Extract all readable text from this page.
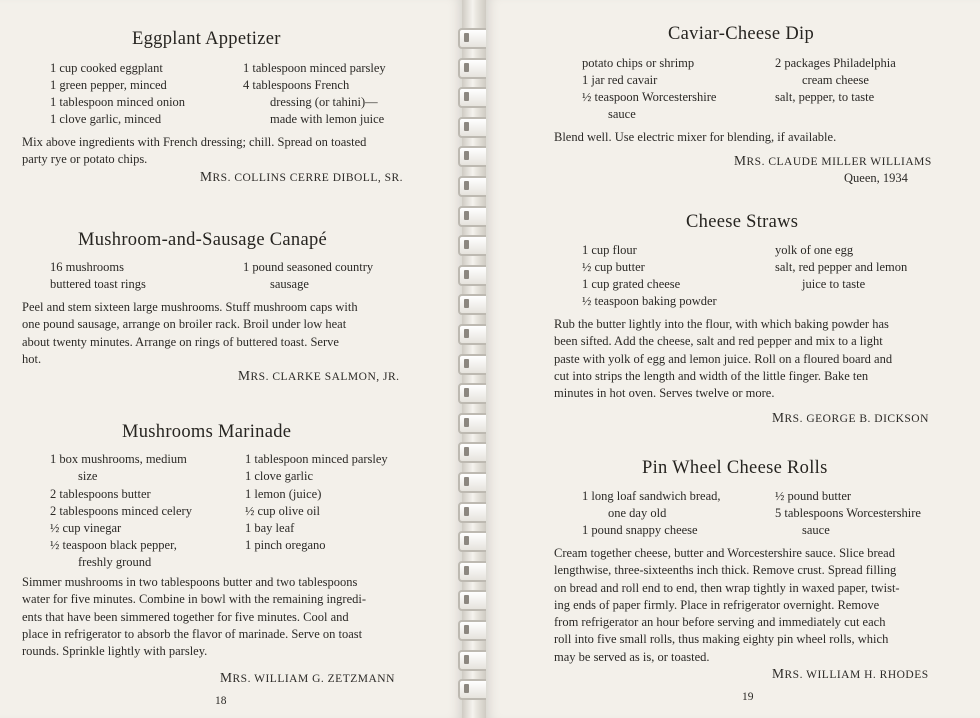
Eggplant Appetizer
1 cup cooked eggplant
1 green pepper, minced
1 tablespoon minced onion
1 clove garlic, minced
1 tablespoon minced parsley
4 tablespoons French
dressing (or tahini)—
made with lemon juice
Mix above ingredients with French dressing; chill. Spread on toasted
party rye or potato chips.
MRS. COLLINS CERRE DIBOLL, SR.
Mushroom-and-Sausage Canapé
16 mushrooms
buttered toast rings
1 pound seasoned country
sausage
Peel and stem sixteen large mushrooms. Stuff mushroom caps with
one pound sausage, arrange on broiler rack. Broil under low heat
about twenty minutes. Arrange on rings of buttered toast. Serve
hot.
MRS. CLARKE SALMON, JR.
Mushrooms Marinade
1 box mushrooms, medium
size
2 tablespoons butter
2 tablespoons minced celery
½ cup vinegar
½ teaspoon black pepper,
freshly ground
1 tablespoon minced parsley
1 clove garlic
1 lemon (juice)
½ cup olive oil
1 bay leaf
1 pinch oregano
Simmer mushrooms in two tablespoons butter and two tablespoons
water for five minutes. Combine in bowl with the remaining ingredi-
ents that have been simmered together for five minutes. Cool and
place in refrigerator to absorb the flavor of marinade. Serve on toast
rounds. Sprinkle lightly with parsley.
MRS. WILLIAM G. ZETZMANN
18
Caviar-Cheese Dip
potato chips or shrimp
1 jar red cavair
½ teaspoon Worcestershire
sauce
2 packages Philadelphia
cream cheese
salt, pepper, to taste
Blend well. Use electric mixer for blending, if available.
MRS. CLAUDE MILLER WILLIAMS
Queen, 1934
Cheese Straws
1 cup flour
½ cup butter
1 cup grated cheese
½ teaspoon baking powder
yolk of one egg
salt, red pepper and lemon
juice to taste
Rub the butter lightly into the flour, with which baking powder has
been sifted. Add the cheese, salt and red pepper and mix to a light
paste with yolk of egg and lemon juice. Roll on a floured board and
cut into strips the length and width of the little finger. Bake ten
minutes in hot oven. Serves twelve or more.
MRS. GEORGE B. DICKSON
Pin Wheel Cheese Rolls
1 long loaf sandwich bread,
one day old
1 pound snappy cheese
½ pound butter
5 tablespoons Worcestershire
sauce
Cream together cheese, butter and Worcestershire sauce. Slice bread
lengthwise, three-sixteenths inch thick. Remove crust. Spread filling
on bread and roll end to end, then wrap tightly in waxed paper, twist-
ing ends of paper firmly. Place in refrigerator overnight. Remove
from refrigerator an hour before serving and immediately cut each
roll into five small rolls, thus making eighty pin wheel rolls, which
may be served as is, or toasted.
MRS. WILLIAM H. RHODES
19
